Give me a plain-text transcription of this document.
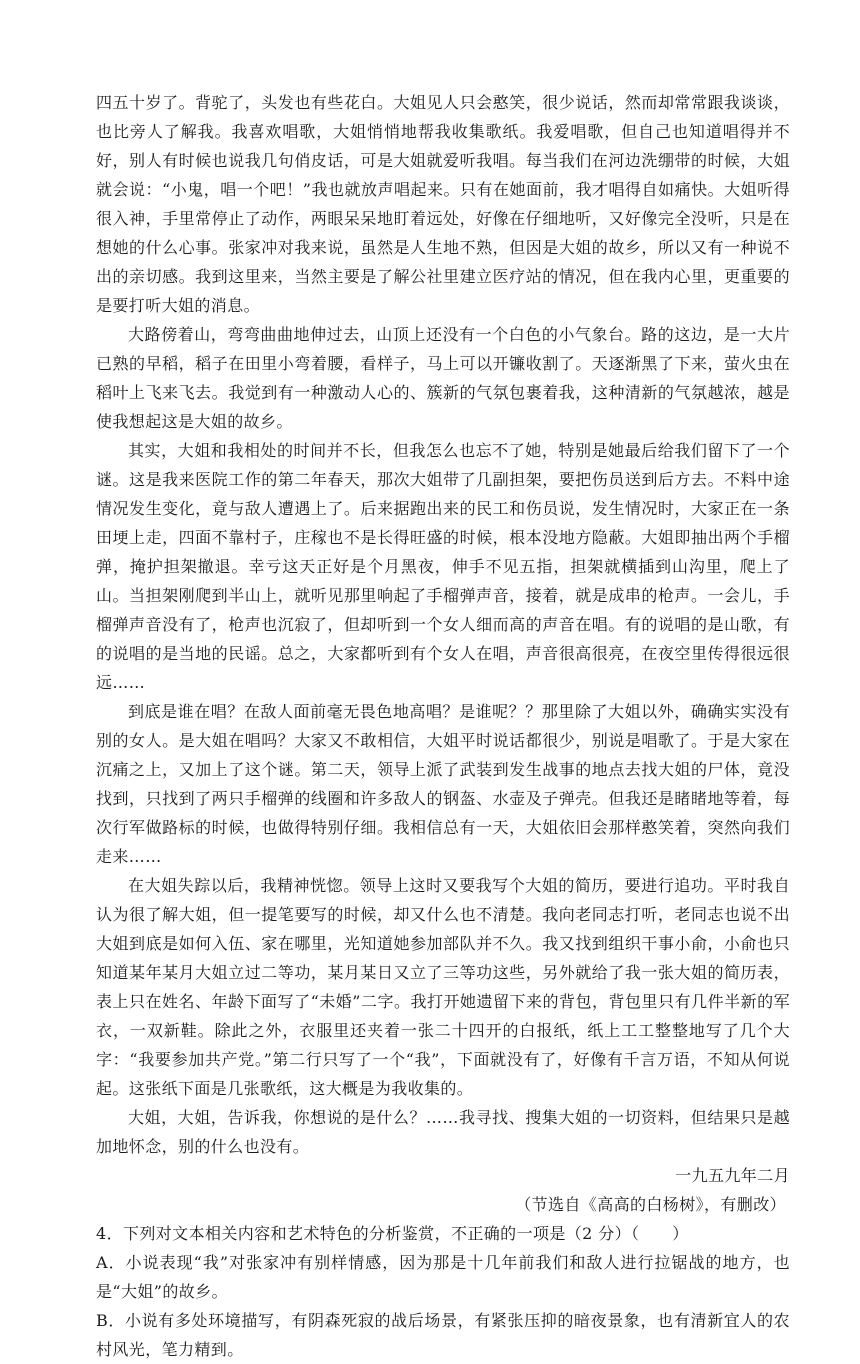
四五十岁了。背驼了，头发也有些花白。大姐见人只会憨笑，很少说话，然而却常常跟我谈谈，也比旁人了解我。我喜欢唱歌，大姐悄悄地帮我收集歌纸。我爱唱歌，但自己也知道唱得并不好，别人有时候也说我几句俏皮话，可是大姐就爱听我唱。每当我们在河边洗绷带的时候，大姐就会说：“小鬼，唱一个吧！”我也就放声唱起来。只有在她面前，我才唱得自如痛快。大姐听得很入神，手里常停止了动作，两眼呆呆地盯着远处，好像在仔细地听，又好像完全没听，只是在想她的什么心事。张家冲对我来说，虽然是人生地不熟，但因是大姐的故乡，所以又有一种说不出的亲切感。我到这里来，当然主要是了解公社里建立医疗站的情况，但在我内心里，更重要的是要打听大姐的消息。

大路傍着山，弯弯曲曲地伸过去，山顶上还没有一个白色的小气象台。路的这边，是一大片已熟的早稻，稻子在田里小弯着腰，看样子，马上可以开镰收割了。天逐渐黑了下来，萤火虫在稻叶上飞来飞去。我觉到有一种激动人心的、簇新的气氛包裹着我，这种清新的气氛越浓，越是使我想起这是大姐的故乡。

其实，大姐和我相处的时间并不长，但我怎么也忘不了她，特别是她最后给我们留下了一个谜。这是我来医院工作的第二年春天，那次大姐带了几副担架，要把伤员送到后方去。不料中途情况发生变化，竟与敌人遭遇上了。后来据跑出来的民工和伤员说，发生情况时，大家正在一条田埂上走，四面不靠村子，庄稼也不是长得旺盛的时候，根本没地方隐蔽。大姐即抽出两个手榴弹，掩护担架撤退。幸亏这天正好是个月黑夜，伸手不见五指，担架就横插到山沟里，爬上了山。当担架刚爬到半山上，就听见那里响起了手榴弹声音，接着，就是成串的枪声。一会儿，手榴弹声音没有了，枪声也沉寂了，但却听到一个女人细而高的声音在唱。有的说唱的是山歌，有的说唱的是当地的民谣。总之，大家都听到有个女人在唱，声音很高很亮，在夜空里传得很远很远……

到底是谁在唱？在敌人面前毫无畏色地高唱？是谁呢？？那里除了大姐以外，确确实实没有别的女人。是大姐在唱吗？大家又不敢相信，大姐平时说话都很少，别说是唱歌了。于是大家在沉痛之上，又加上了这个谜。第二天，领导上派了武装到发生战事的地点去找大姐的尸体，竟没找到，只找到了两只手榴弹的线圈和许多敌人的钢盔、水壶及子弹壳。但我还是睹睹地等着，每次行军做路标的时候，也做得特别仔细。我相信总有一天，大姐依旧会那样憨笑着，突然向我们走来……

在大姐失踪以后，我精神恍惚。领导上这时又要我写个大姐的简历，要进行追功。平时我自认为很了解大姐，但一提笔要写的时候，却又什么也不清楚。我向老同志打听，老同志也说不出大姐到底是如何入伍、家在哪里，光知道她参加部队并不久。我又找到组织干事小俞，小俞也只知道某年某月大姐立过二等功，某月某日又立了三等功这些，另外就给了我一张大姐的简历表，表上只在姓名、年龄下面写了“未婚”二字。我打开她遗留下来的背包，背包里只有几件半新的军衣，一双新鞋。除此之外，衣服里还夹着一张二十四开的白报纸，纸上工工整整地写了几个大字：“我要参加共产党。”第二行只写了一个“我”，下面就没有了，好像有千言万语，不知从何说起。这张纸下面是几张歌纸，这大概是为我收集的。

大姐，大姐，告诉我，你想说的是什么？……我寻找、搜集大姐的一切资料，但结果只是越加地怀念，别的什么也没有。

一九五九年二月

（节选自《高高的白杨树》，有删改）

4．下列对文本相关内容和艺术特色的分析鉴赏，不正确的一项是（2 分）（　　）

A．小说表现“我”对张家冲有别样情感，因为那是十几年前我们和敌人进行拉锯战的地方，也是“大姐”的故乡。

B．小说有多处环境描写，有阴森死寂的战后场景，有紧张压抑的暗夜景象，也有清新宜人的农村风光，笔力精到。
